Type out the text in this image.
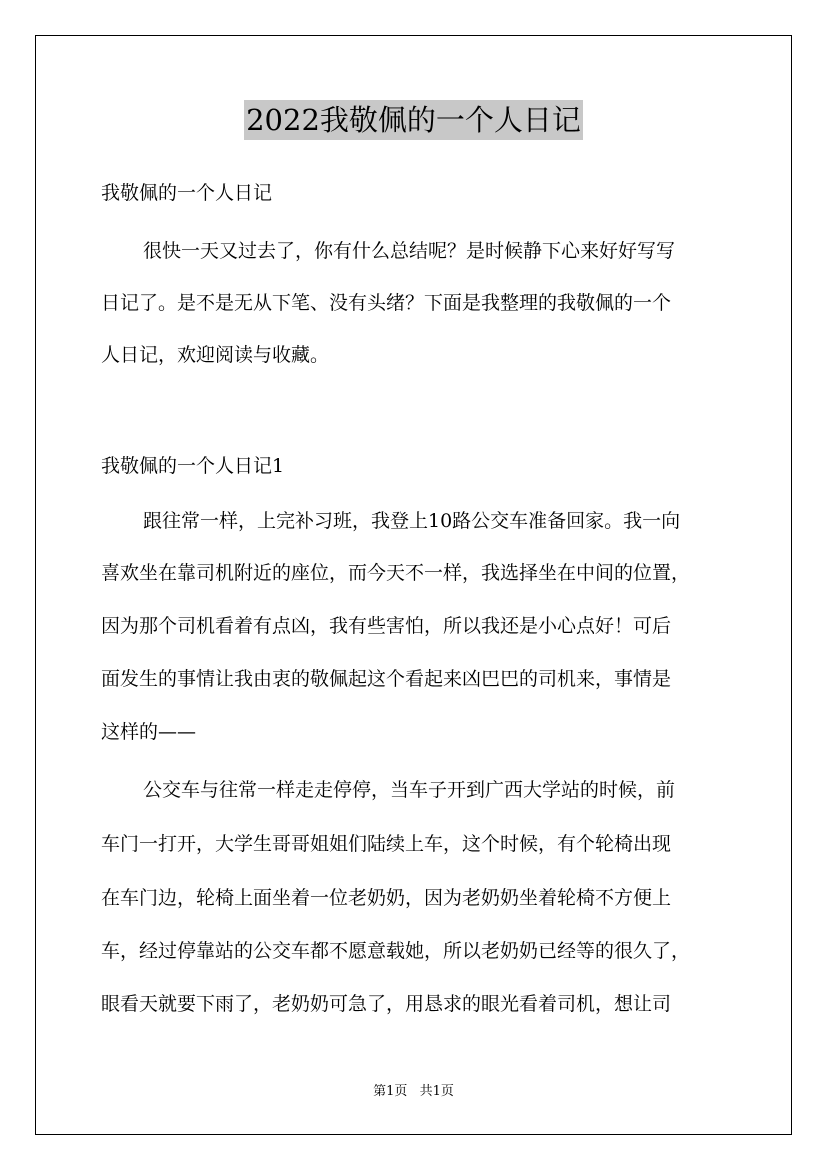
2022我敬佩的一个人日记
我敬佩的一个人日记
很快一天又过去了，你有什么总结呢？是时候静下心来好好写写
日记了。是不是无从下笔、没有头绪？下面是我整理的我敬佩的一个
人日记，欢迎阅读与收藏。
我敬佩的一个人日记1
跟往常一样，上完补习班，我登上10路公交车准备回家。我一向
喜欢坐在靠司机附近的座位，而今天不一样，我选择坐在中间的位置，
因为那个司机看着有点凶，我有些害怕，所以我还是小心点好！可后
面发生的事情让我由衷的敬佩起这个看起来凶巴巴的司机来，事情是
这样的——
公交车与往常一样走走停停，当车子开到广西大学站的时候，前
车门一打开，大学生哥哥姐姐们陆续上车，这个时候，有个轮椅出现
在车门边，轮椅上面坐着一位老奶奶，因为老奶奶坐着轮椅不方便上
车，经过停靠站的公交车都不愿意载她，所以老奶奶已经等的很久了，
眼看天就要下雨了，老奶奶可急了，用恳求的眼光看着司机，想让司
第1页 共1页
